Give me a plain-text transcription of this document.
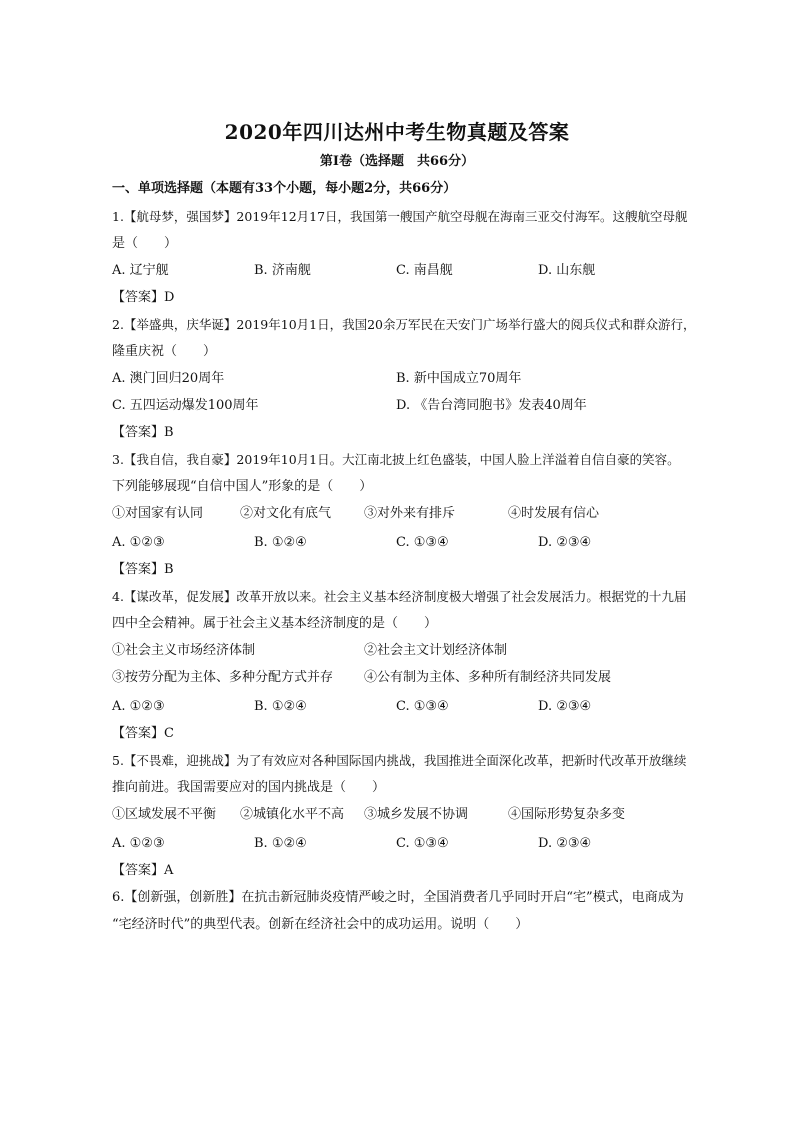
2020年四川达州中考生物真题及答案
第Ⅰ卷（选择题　共66分）
一、单项选择题（本题有33个小题，每小题2分，共66分）
1.【航母梦，强国梦】2019年12月17日，我国第一艘国产航空母舰在海南三亚交付海军。这艘航空母舰
是（　　）
A. 辽宁舰	B. 济南舰	C. 南昌舰	D. 山东舰
【答案】D
2.【举盛典，庆华诞】2019年10月1日，我国20余万军民在天安门广场举行盛大的阅兵仪式和群众游行，
隆重庆祝（　　）
A. 澳门回归20周年	B. 新中国成立70周年
C. 五四运动爆发100周年	D. 《告台湾同胞书》发表40周年
【答案】B
3.【我自信，我自豪】2019年10月1日。大江南北披上红色盛装，中国人脸上洋溢着自信自豪的笑容。
下列能够展现“自信中国人”形象的是（　　）
①对国家有认同	②对文化有底气	③对外来有排斥	④时发展有信心
A. ①②③	B. ①②④	C. ①③④	D. ②③④
【答案】B
4.【谋改革，促发展】改革开放以来。社会主义基本经济制度极大增强了社会发展活力。根据党的十九届
四中全会精神。属于社会主义基本经济制度的是（　　）
①社会主义市场经济体制	②社会主文计划经济体制
③按劳分配为主体、多种分配方式并存 ④公有制为主体、多种所有制经济共同发展
A. ①②③	B. ①②④	C. ①③④	D. ②③④
【答案】C
5.【不畏难，迎挑战】为了有效应对各种国际国内挑战，我国推进全面深化改革，把新时代改革开放继续
推向前进。我国需要应对的国内挑战是（　　）
①区域发展不平衡 ②城镇化水平不高 ③城乡发展不协调	④国际形势复杂多变
A. ①②③	B. ①②④	C. ①③④	D. ②③④
【答案】A
6.【创新强，创新胜】在抗击新冠肺炎疫情严峻之时，全国消费者几乎同时开启“宅”模式，电商成为
“宅经济时代”的典型代表。创新在经济社会中的成功运用。说明（　　）
